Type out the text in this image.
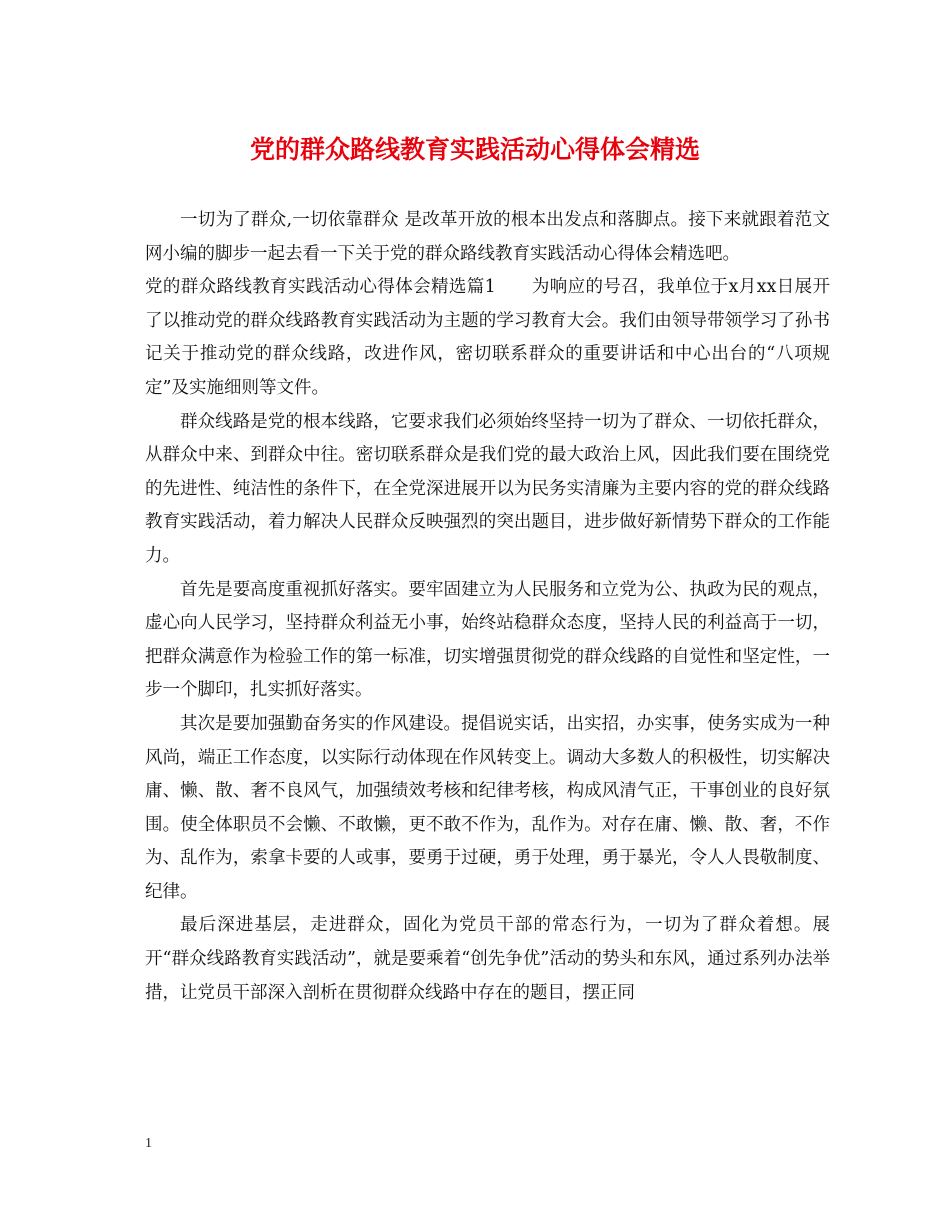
党的群众路线教育实践活动心得体会精选

一切为了群众,一切依靠群众 是改革开放的根本出发点和落脚点。接下来就跟着范文网小编的脚步一起去看一下关于党的群众路线教育实践活动心得体会精选吧。

党的群众路线教育实践活动心得体会精选篇1　　为响应的号召，我单位于x月xx日展开了以推动党的群众线路教育实践活动为主题的学习教育大会。我们由领导带领学习了孙书记关于推动党的群众线路，改进作风，密切联系群众的重要讲话和中心出台的“八项规定”及实施细则等文件。

群众线路是党的根本线路，它要求我们必须始终坚持一切为了群众、一切依托群众，从群众中来、到群众中往。密切联系群众是我们党的最大政治上风，因此我们要在围绕党的先进性、纯洁性的条件下，在全党深进展开以为民务实清廉为主要内容的党的群众线路教育实践活动，着力解决人民群众反映强烈的突出题目，进步做好新情势下群众的工作能力。

首先是要高度重视抓好落实。要牢固建立为人民服务和立党为公、执政为民的观点，虚心向人民学习，坚持群众利益无小事，始终站稳群众态度，坚持人民的利益高于一切，把群众满意作为检验工作的第一标准，切实增强贯彻党的群众线路的自觉性和坚定性，一步一个脚印，扎实抓好落实。

其次是要加强勤奋务实的作风建设。提倡说实话，出实招，办实事，使务实成为一种风尚，端正工作态度，以实际行动体现在作风转变上。调动大多数人的积极性，切实解决庸、懒、散、奢不良风气，加强绩效考核和纪律考核，构成风清气正，干事创业的良好氛围。使全体职员不会懒、不敢懒，更不敢不作为，乱作为。对存在庸、懒、散、奢，不作为、乱作为，索拿卡要的人或事，要勇于过硬，勇于处理，勇于暴光，令人人畏敬制度、纪律。

最后深进基层，走进群众，固化为党员干部的常态行为，一切为了群众着想。展开“群众线路教育实践活动”，就是要乘着“创先争优”活动的势头和东风，通过系列办法举措，让党员干部深入剖析在贯彻群众线路中存在的题目，摆正同

1
